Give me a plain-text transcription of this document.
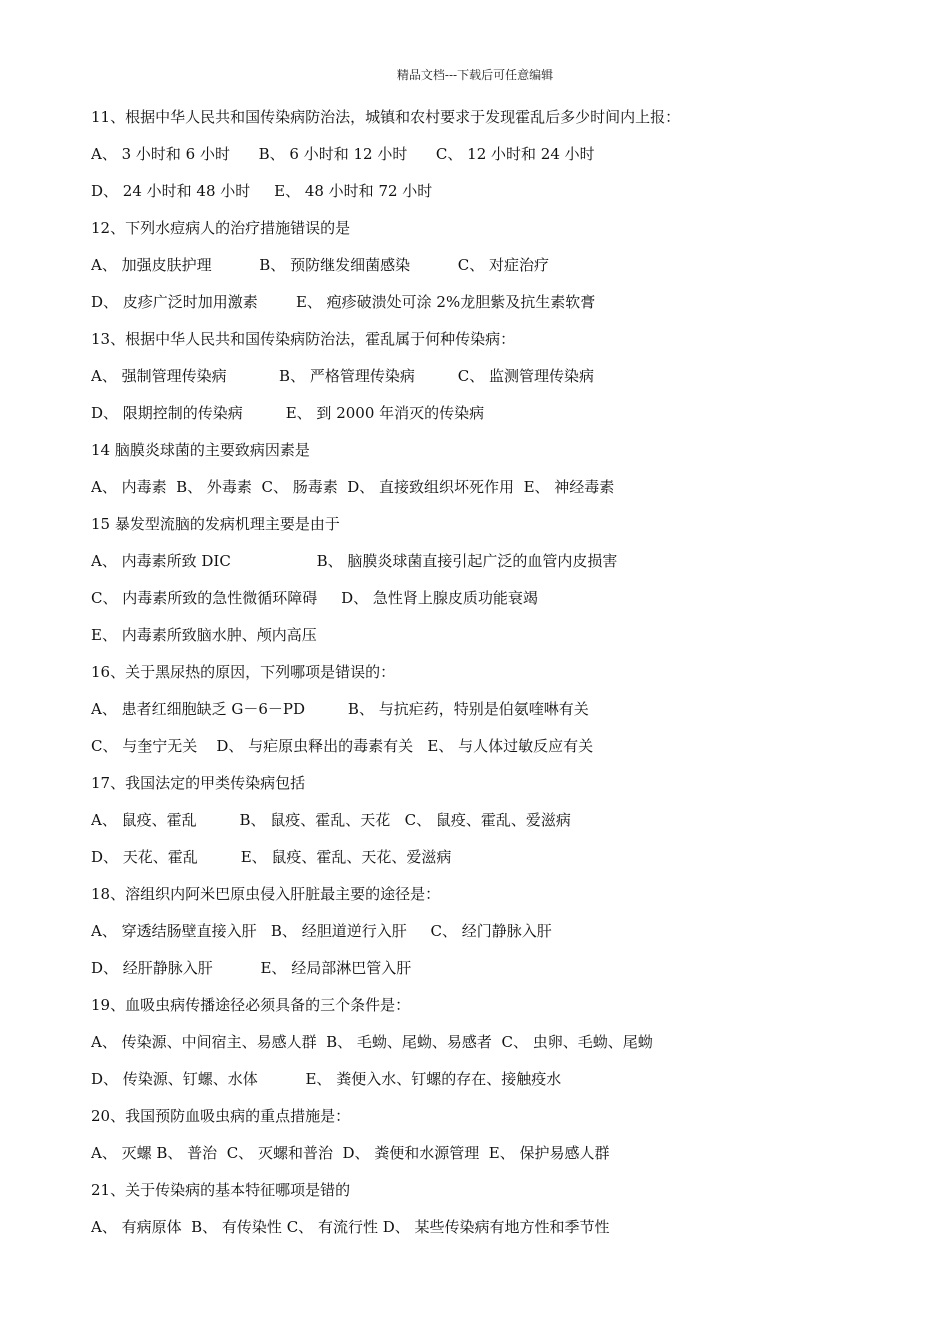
精品文档---下载后可任意编辑
11、根据中华人民共和国传染病防治法，城镇和农村要求于发现霍乱后多少时间内上报：
A、 3 小时和 6 小时      B、 6 小时和 12 小时      C、 12 小时和 24 小时
D、 24 小时和 48 小时     E、 48 小时和 72 小时
12、下列水痘病人的治疗措施错误的是
A、 加强皮肤护理          B、 预防继发细菌感染          C、 对症治疗
D、 皮疹广泛时加用激素        E、 疱疹破溃处可涂 2%龙胆紫及抗生素软膏
13、根据中华人民共和国传染病防治法，霍乱属于何种传染病：
A、 强制管理传染病           B、 严格管理传染病         C、 监测管理传染病
D、 限期控制的传染病         E、 到 2000 年消灭的传染病
14 脑膜炎球菌的主要致病因素是
A、 内毒素  B、 外毒素  C、 肠毒素  D、 直接致组织坏死作用  E、 神经毒素
15 暴发型流脑的发病机理主要是由于
A、 内毒素所致 DIC                  B、 脑膜炎球菌直接引起广泛的血管内皮损害
C、 内毒素所致的急性微循环障碍     D、 急性肾上腺皮质功能衰竭
E、 内毒素所致脑水肿、颅内高压
16、关于黑尿热的原因，下列哪项是错误的：
A、 患者红细胞缺乏 G－6－PD         B、 与抗疟药，特别是伯氨喹啉有关
C、 与奎宁无关    D、 与疟原虫释出的毒素有关   E、 与人体过敏反应有关
17、我国法定的甲类传染病包括
A、 鼠疫、霍乱         B、 鼠疫、霍乱、天花   C、 鼠疫、霍乱、爱滋病
D、 天花、霍乱         E、 鼠疫、霍乱、天花、爱滋病
18、溶组织内阿米巴原虫侵入肝脏最主要的途径是：
A、 穿透结肠壁直接入肝   B、 经胆道逆行入肝     C、 经门静脉入肝
D、 经肝静脉入肝          E、 经局部淋巴管入肝
19、血吸虫病传播途径必须具备的三个条件是：
A、 传染源、中间宿主、易感人群  B、 毛蚴、尾蚴、易感者  C、 虫卵、毛蚴、尾蚴
D、 传染源、钉螺、水体          E、 粪便入水、钉螺的存在、接触疫水
20、我国预防血吸虫病的重点措施是：
A、 灭螺 B、 普治  C、 灭螺和普治  D、 粪便和水源管理  E、 保护易感人群
21、关于传染病的基本特征哪项是错的
A、 有病原体  B、 有传染性 C、 有流行性 D、 某些传染病有地方性和季节性
